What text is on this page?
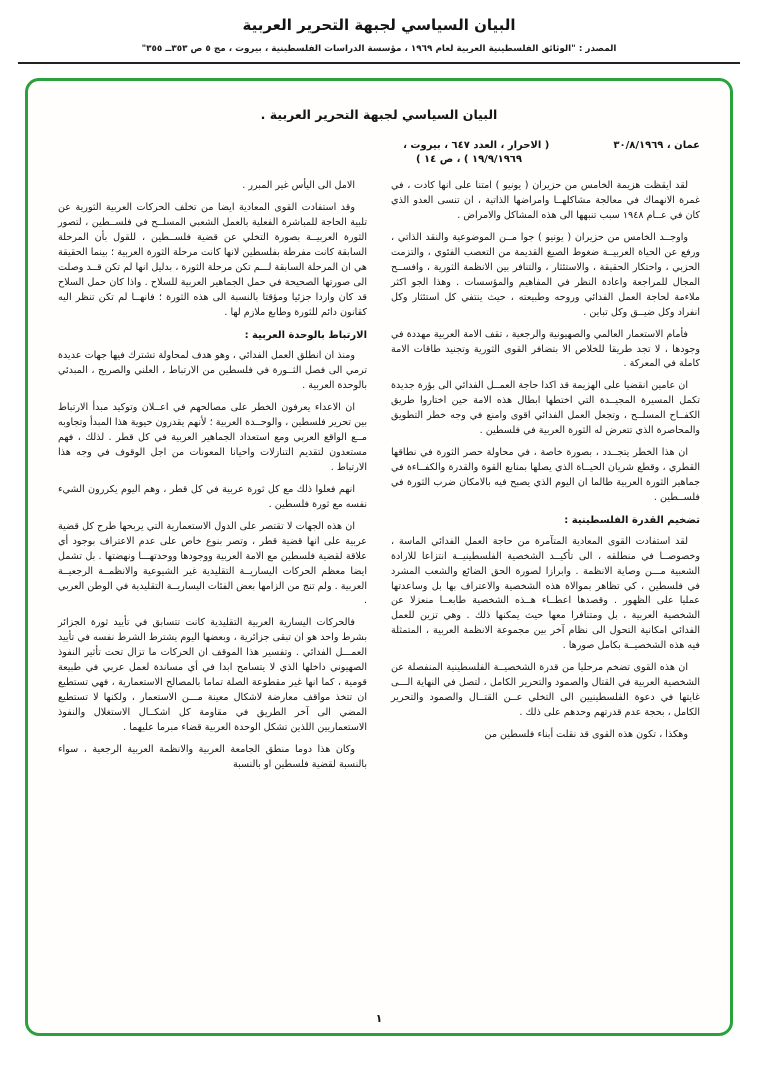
البيان السياسي لجبهة التحرير العربية
المصدر : "الوثائق الفلسطينية العربية لعام ١٩٦٩ ، مؤسسة الدراسات الفلسطينية ، بيروت ، مج ٥ ص ٣٥٣ــ ٣٥٥"
البيان السياسي لجبهة التحرير العربية .
عمان ، ٣٠/٨/١٩٦٩
( الاحرار ، العدد ٦٤٧ ، بيروت ،
١٩/٩/١٩٦٩ ) ، ص ١٤ )

لقد ايقظت هزيمة الخامس من حزيران ( يونيو ) امتنا على انها كادت ، في غمرة الانهماك في معالجة مشاكلهــا وامراضها الذاتية ، ان تنسى العدو الذي كان في عــام ١٩٤٨ سبب تنبهها الى هذه المشاكل والامراض .

واوجــد الخامس من حزيران ( يونيو ) جوا مــن الموضوعية والنقد الذاتي ، ورفع عن الحياة العربيــة ضغوط الصيغ القديمة من التعصب الفئوي ، والتزمت الحزبي ، واحتكار الحقيقة ، والاستئثار ، والتنافر بين الانظمة الثورية ، وافســح المجال للمراجعة واعادة النظر في المفاهيم والمؤسسات . وهذا الجو اكثر ملاءمة لحاجة العمل الفدائي وروحه وطبيعته ، حيث ينتفي كل استئثار وكل انفراد وكل ضيــق وكل تباين .

فأمام الاستعمار العالمي والصهيونية والرجعية ، تقف الامة العربية مهددة في وجودها ، لا تجد طريقا للخلاص الا بتضافر القوى الثورية وتجنيد طاقات الامة كاملة في المعركة .

ان عامين انقضيا على الهزيمة قد اكدا حاجة العمــل الفدائي الى بؤرة جديدة تكمل المسيرة المجيــدة التي اختطها ابطال هذه الامة حين اختاروا طريق الكفــاح المسلــح ، وتجعل العمل الفدائي اقوى وامنع في وجه خطر التطويق والمحاصرة الذي تتعرض له الثورة العربية في فلسطين .

ان هذا الخطر يتجــدد ، بصورة خاصة ، في محاولة حصر الثورة في نطاقها القطري ، وقطع شريان الحيــاة الذي يصلها بمنابع القوة والقدرة والكفــاءة في جماهير الثورة العربية طالما ان اليوم الذي يصبح فيه بالامكان ضرب الثورة في فلســطين .

تضخيم القدرة الفلسطينية :

لقد استفادت القوى المعادية المتآمرة من حاجة العمل الفدائي الماسة ، وخصوصــا في منطلقه ، الى تأكيــد الشخصية الفلسطينيــة انتزاعا للارادة الشعبية مـــن وصاية الانظمة . وابرازا لصورة الحق الضائع والشعب المشرد في فلسطين ، كي تظاهر بموالاة هذه الشخصية والاعتراف بها بل وساعدتها عمليا على الظهور . وقصدها اعطــاء هــذه الشخصية طابعــا منعزلا عن الشخصية العربية ، بل ومتنافرا معها حيث يمكنها ذلك . وهي تزين للعمل الفدائي امكانية التحول الى نظام آخر بين مجموعة الانظمة العربية ، المتمثلة فيه هذه الشخصيــة بكامل صورها .

ان هذه القوى تضخم مرحليا من قدرة الشخصيــة الفلسطينية المنفصلة عن الشخصية العربية في القتال والصمود والتحرير الكامل ، لتصل في النهاية الـــى غايتها في دعوة الفلسطينيين الى التخلي عــن القتــال والصمود والتحرير الكامل ، بحجة عدم قدرتهم وحدهم على ذلك .

وهكذا ، تكون هذه القوى قد نقلت أبناء فلسطين من

الامل الى اليأس غير المبرر .

وقد استفادت القوى المعادية ايضا من تخلف الحركات العربية الثورية عن تلبية الحاجة للمباشرة الفعلية بالعمل الشعبي المسلــح في فلســطين ، لتصور الثورة العربيــة بصورة التخلي عن قضية فلســطين ، للقول بأن المرحلة السابقة كانت مفرطة بفلسطين لانها كانت مرحلة الثورة العربية ؛ بينما الحقيقة هي ان المرحلة السابقة لـــم تكن مرحلة الثورة ، بدليل انها لم تكن قــد وصلت الى صورتها الصحيحة في حمل الجماهير العربية للسلاح . واذا كان حمل السلاح قد كان واردا جزئيا ومؤقتا بالنسبة الى هذه الثورة ؛ فانهــا لم تكن تنظر اليه كقانون دائم للثورة وطابع ملازم لها .

الارتباط بالوحدة العربية :

ومنذ ان انطلق العمل الفدائي ، وهو هدف لمحاولة تشترك فيها جهات عديدة ترمي الى فصل الثــورة في فلسطين من الارتباط ، العلني والصريح ، المبدئي بالوحدة العربية .

ان الاعداء يعرفون الخطر على مصالحهم في اعــلان وتوكيد مبدأ الارتباط بين تحرير فلسطين ، والوحــدة العربية ؛ لأنهم يقدرون حيوية هذا المبدأ وتجاوبه مــع الواقع العربي ومع استعداد الجماهير العربية في كل قطر . لذلك ، فهم مستعدون لتقديم التنازلات واحيانا المعونات من اجل الوقوف في وجه هذا الارتباط .

انهم فعلوا ذلك مع كل ثورة عربية في كل قطر ، وهم اليوم يكررون الشيء نفسه مع ثورة فلسطين .

ان هذه الجهات لا تقتصر على الدول الاستعمارية التي يربحها طرح كل قضية عربية على انها قضية قطر ، وتصر بنوع خاص على عدم الاعتراف بوجود أي علاقة لقضية فلسطين مع الامة العربية ووجودها ووحدتهـــا ونهضتها . بل تشمل ايضا معظم الحركات اليساريــة التقليدية غير الشيوعية والانظمــة الرجعيــة العربية . ولم تنج من الزامها بعض الفئات اليساريــة التقليدية في الوطن العربي .

فالحركات اليسارية العربية التقليدية كانت تتسابق في تأييد ثورة الجزائر بشرط واحد هو ان تبقى جزائرية ، وبعضها اليوم يشترط الشرط نفسه في تأييد العمـــل الفدائي . وتفسير هذا الموقف ان الحركات ما تزال تحت تأثير النفوذ الصهيوني داخلها الذي لا يتسامح ابدا في أي مساندة لعمل عربي في طبيعة قومية ، كما انها غير مقطوعة الصلة تماما بالمصالح الاستعمارية ، فهي تستطيع ان تتخذ مواقف معارضة لاشكال معينة مـــن الاستعمار ، ولكنها لا تستطيع المضي الى آخر الطريق في مقاومة كل اشكــال الاستغلال والنفوذ الاستعماريين اللذين تشكل الوحدة العربية قضاء مبرما عليهما .

وكان هذا دوما منطق الجامعة العربية والانظمة العربية الرجعية ، سواء بالنسبة لقضية فلسطين او بالنسبة

١
